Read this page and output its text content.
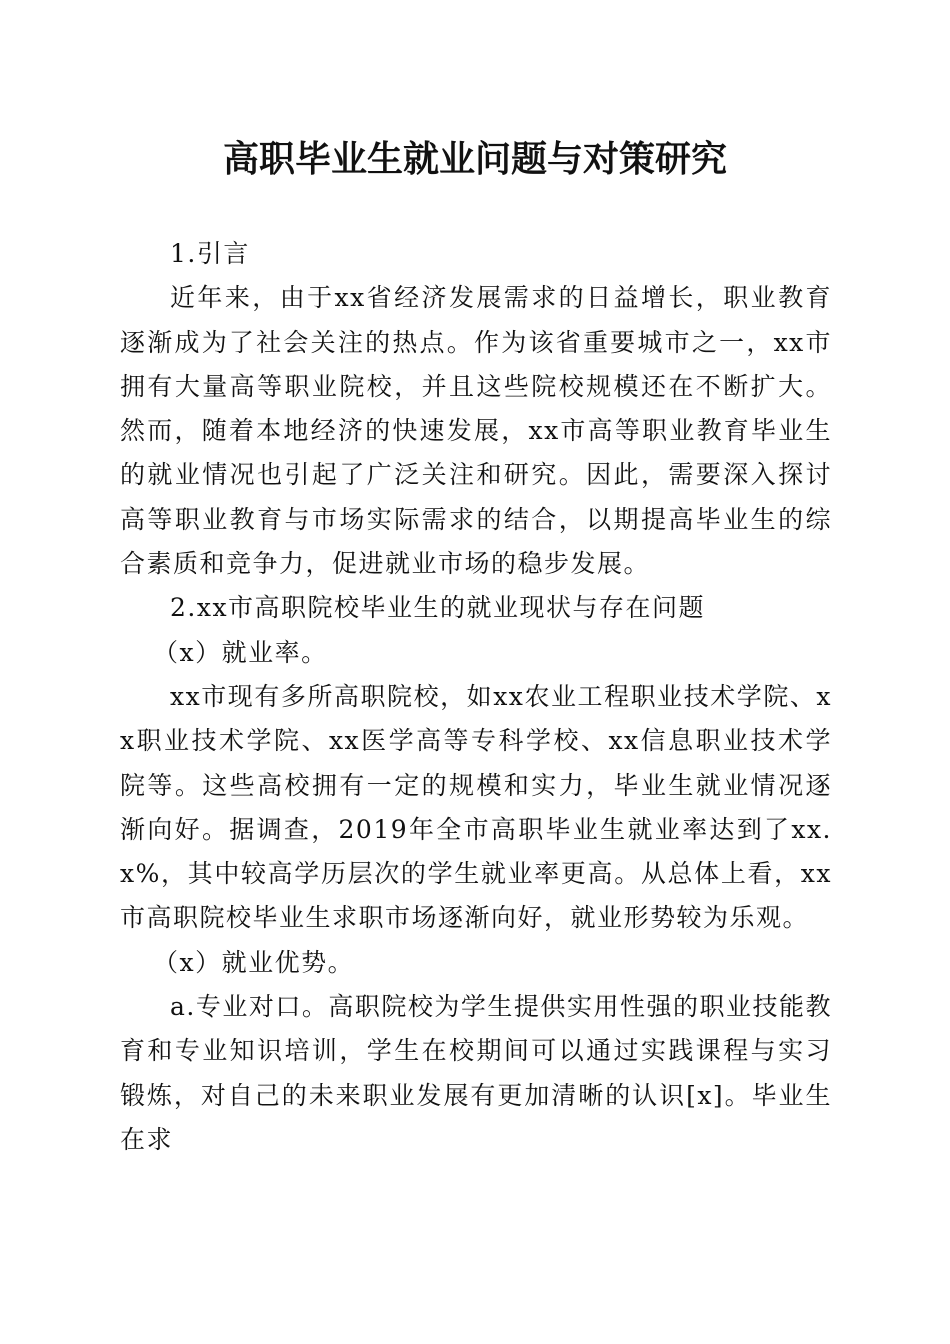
高职毕业生就业问题与对策研究

1.引言

近年来，由于xx省经济发展需求的日益增长，职业教育逐渐成为了社会关注的热点。作为该省重要城市之一，xx市拥有大量高等职业院校，并且这些院校规模还在不断扩大。然而，随着本地经济的快速发展，xx市高等职业教育毕业生的就业情况也引起了广泛关注和研究。因此，需要深入探讨高等职业教育与市场实际需求的结合，以期提高毕业生的综合素质和竞争力，促进就业市场的稳步发展。

2.xx市高职院校毕业生的就业现状与存在问题

（x）就业率。

xx市现有多所高职院校，如xx农业工程职业技术学院、xx职业技术学院、xx医学高等专科学校、xx信息职业技术学院等。这些高校拥有一定的规模和实力，毕业生就业情况逐渐向好。据调查，2019年全市高职毕业生就业率达到了xx.x%，其中较高学历层次的学生就业率更高。从总体上看，xx市高职院校毕业生求职市场逐渐向好，就业形势较为乐观。

（x）就业优势。

a.专业对口。高职院校为学生提供实用性强的职业技能教育和专业知识培训，学生在校期间可以通过实践课程与实习锻炼，对自己的未来职业发展有更加清晰的认识[x]。毕业生在求
